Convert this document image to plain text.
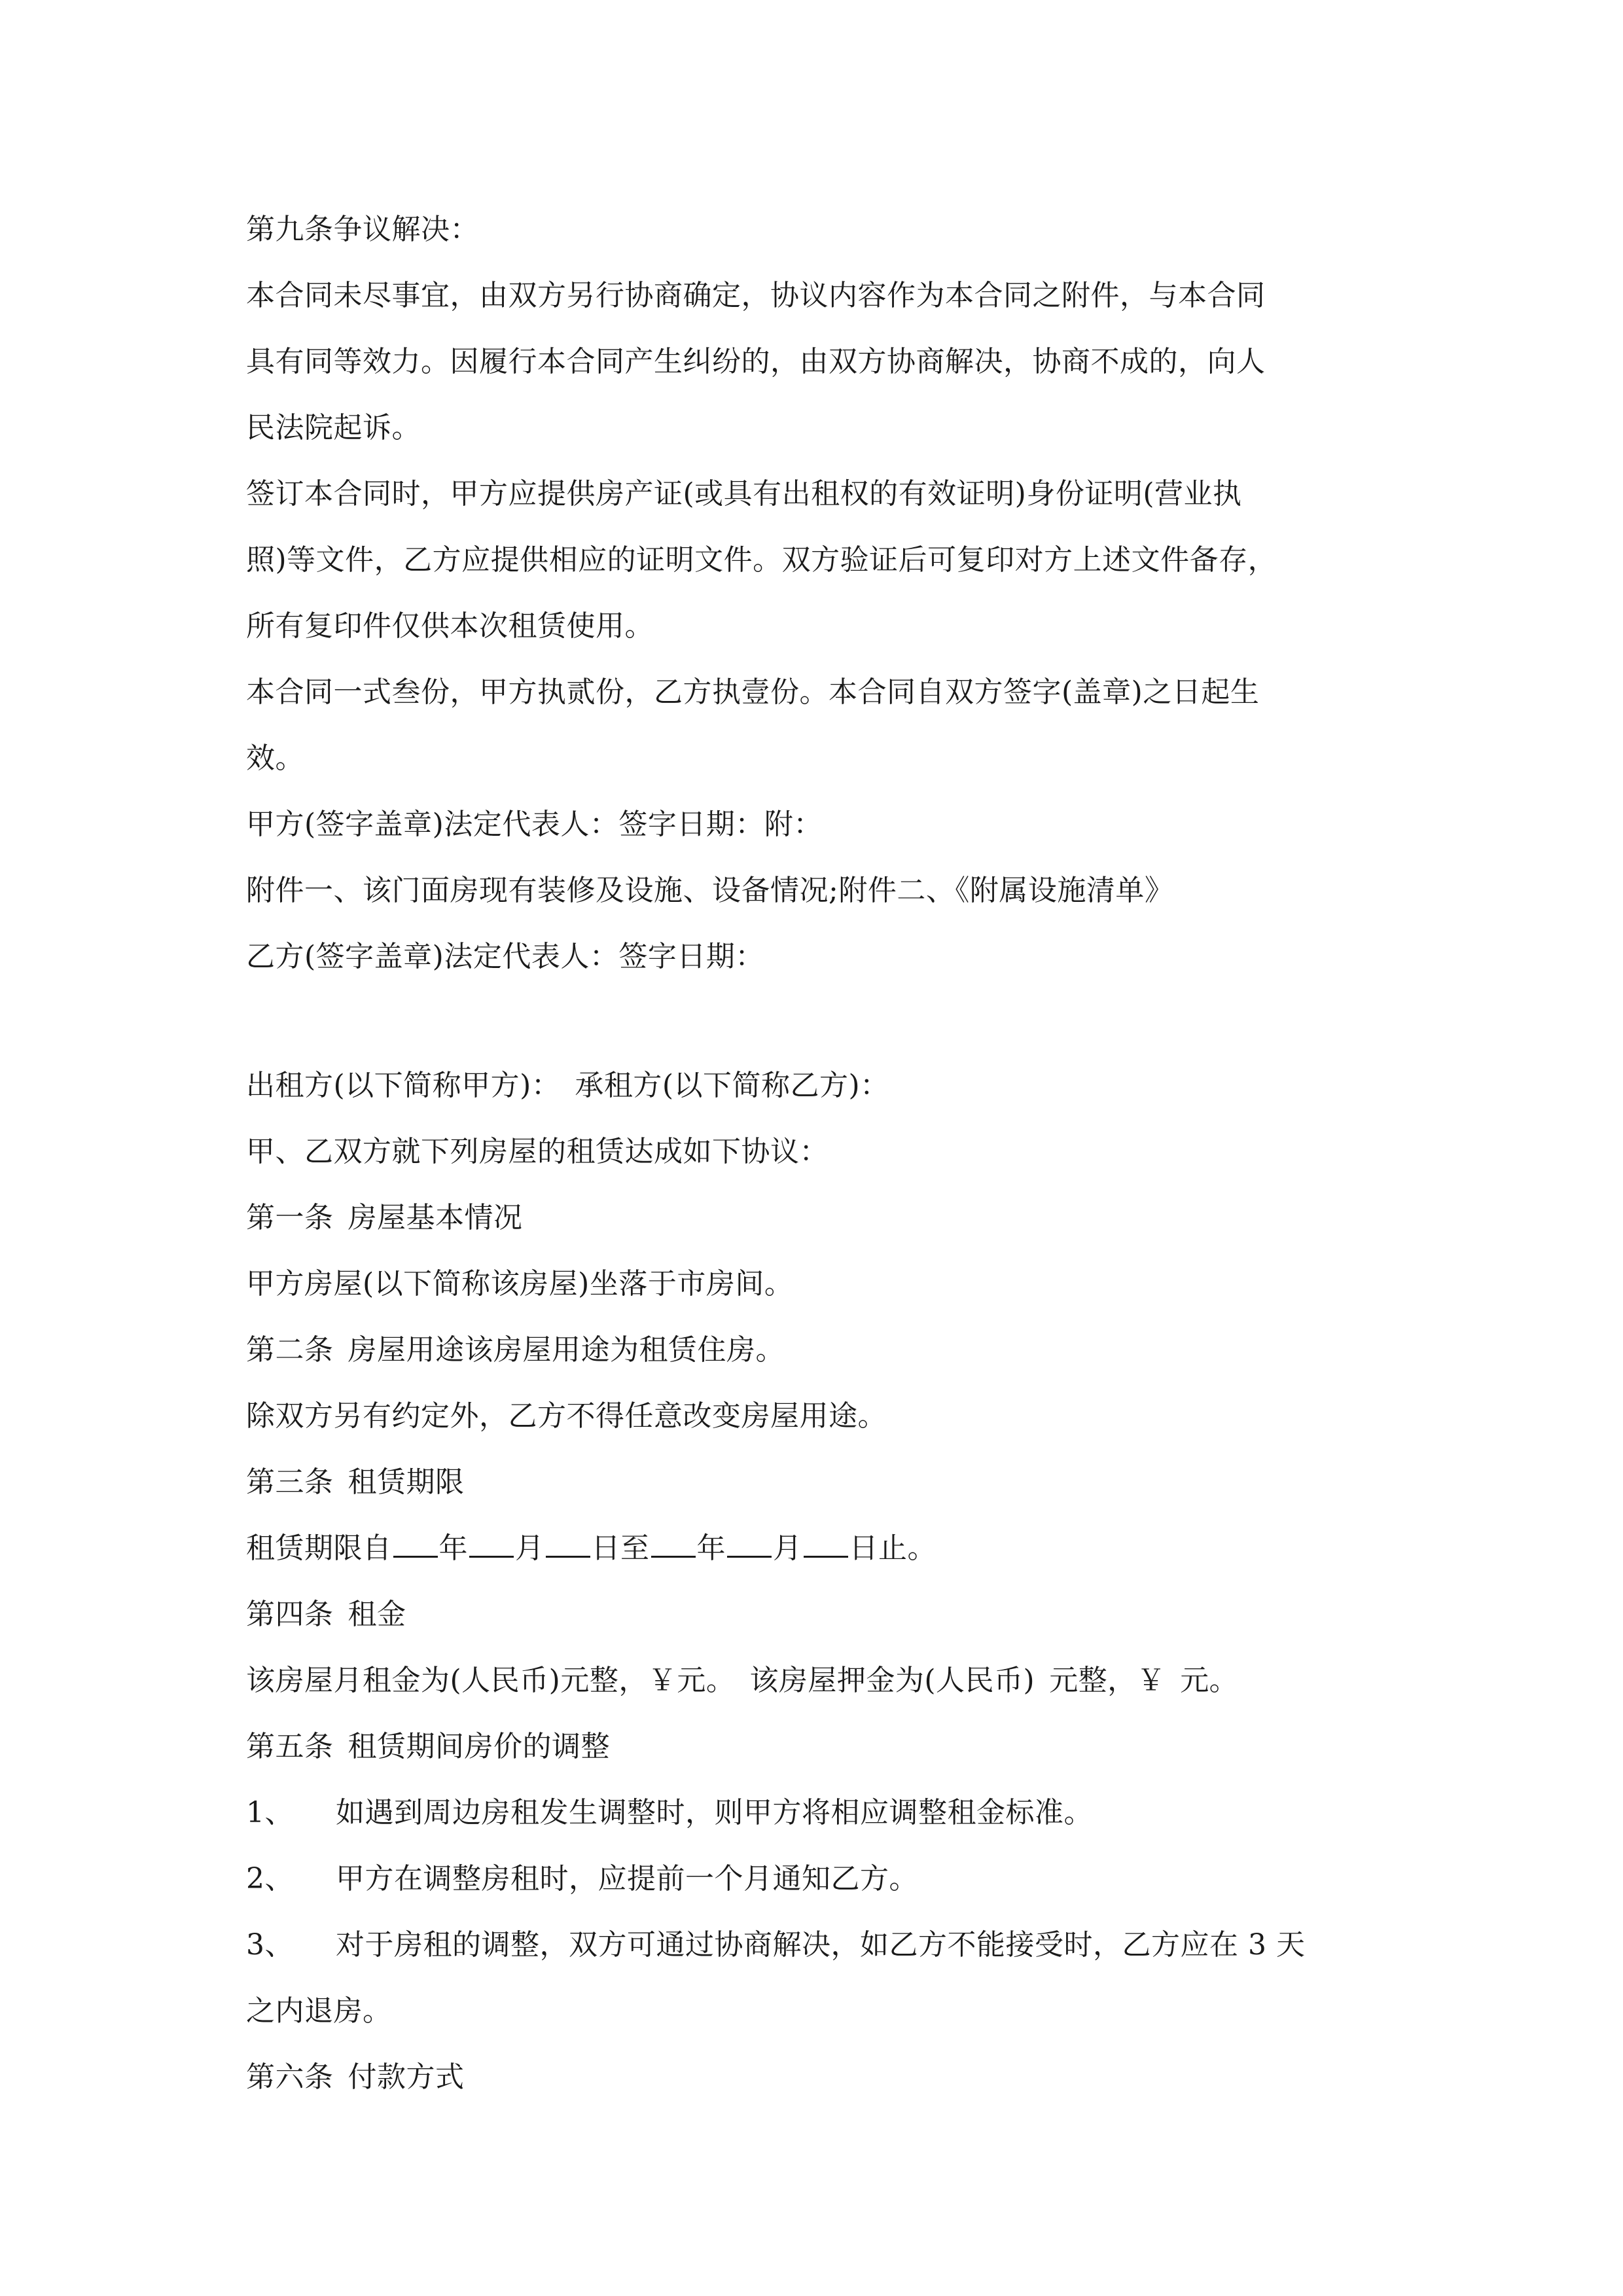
第九条争议解决：
本合同未尽事宜，由双方另行协商确定，协议内容作为本合同之附件，与本合同
具有同等效力。因履行本合同产生纠纷的，由双方协商解决，协商不成的，向人
民法院起诉。
签订本合同时，甲方应提供房产证(或具有出租权的有效证明)身份证明(营业执
照)等文件，乙方应提供相应的证明文件。双方验证后可复印对方上述文件备存，
所有复印件仅供本次租赁使用。
本合同一式叁份，甲方执贰份，乙方执壹份。本合同自双方签字(盖章)之日起生
效。
甲方(签字盖章)法定代表人：签字日期：附：
附件一、该门面房现有装修及设施、设备情况;附件二、《附属设施清单》
乙方(签字盖章)法定代表人：签字日期：
出租方(以下简称甲方)： 承租方(以下简称乙方)：
甲、乙双方就下列房屋的租赁达成如下协议：
第一条 房屋基本情况
甲方房屋(以下简称该房屋)坐落于市房间。
第二条 房屋用途该房屋用途为租赁住房。
除双方另有约定外，乙方不得任意改变房屋用途。
第三条 租赁期限
租赁期限自 年 月 日至 年 月 日止。
第四条 租金
该房屋月租金为(人民币)元整，￥元。 该房屋押金为(人民币) 元整，￥ 元。
第五条 租赁期间房价的调整
1、 如遇到周边房租发生调整时，则甲方将相应调整租金标准。
2、 甲方在调整房租时，应提前一个月通知乙方。
3、 对于房租的调整，双方可通过协商解决，如乙方不能接受时，乙方应在 3 天
之内退房。
第六条 付款方式
